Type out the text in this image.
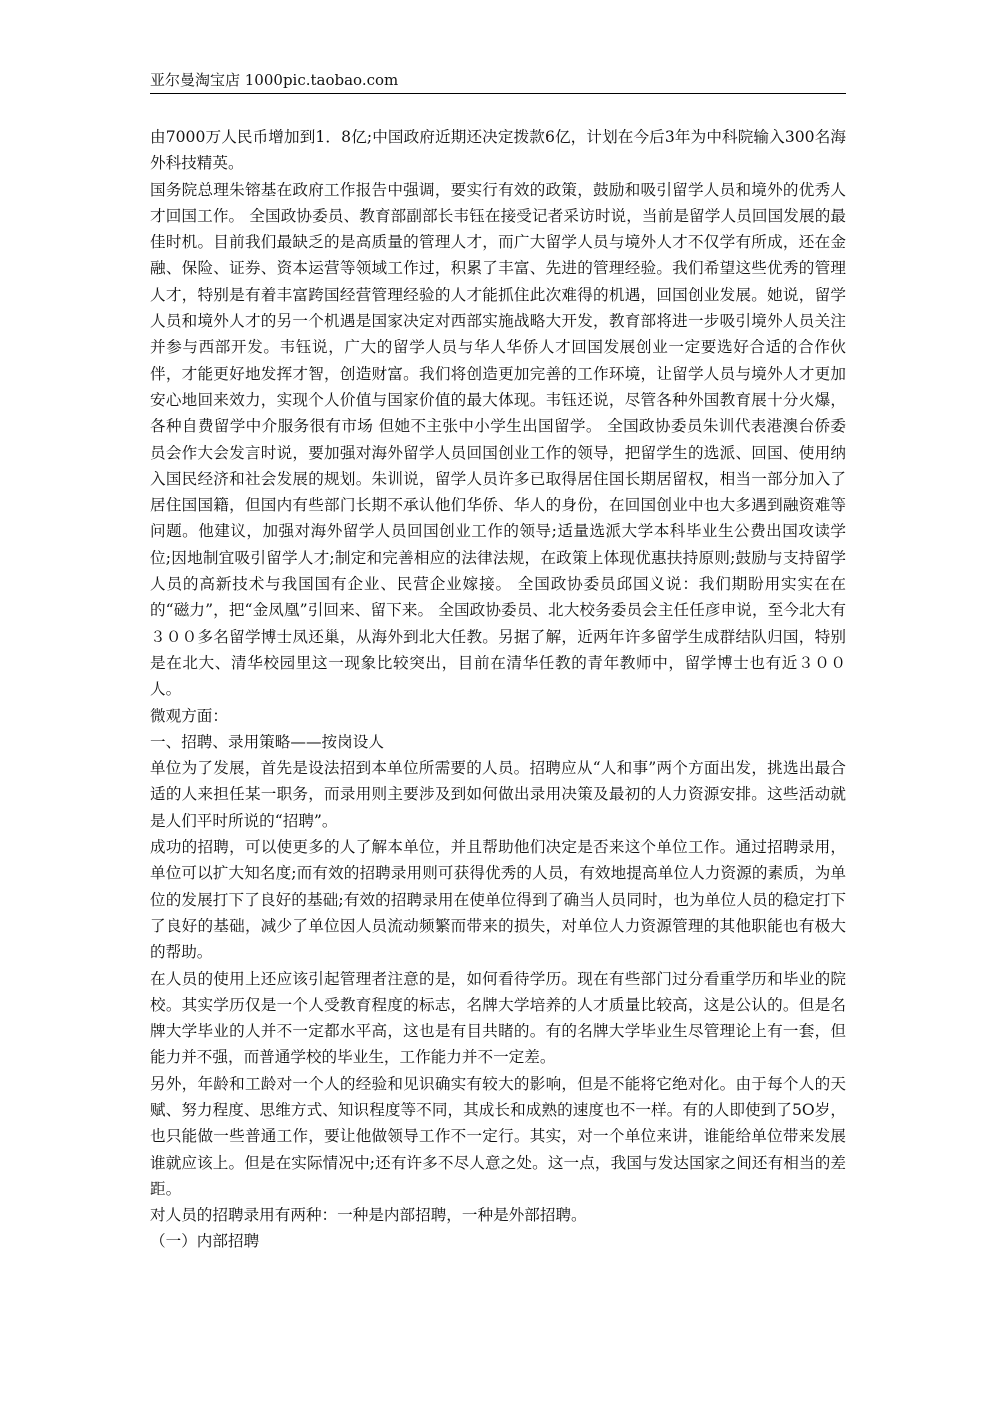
亚尔曼淘宝店 1000pic.taobao.com

由7000万人民币增加到1．8亿;中国政府近期还决定拨款6亿，计划在今后3年为中科院输入300名海外科技精英。

国务院总理朱镕基在政府工作报告中强调，要实行有效的政策，鼓励和吸引留学人员和境外的优秀人才回国工作。 全国政协委员、教育部副部长韦钰在接受记者采访时说，当前是留学人员回国发展的最佳时机。目前我们最缺乏的是高质量的管理人才，而广大留学人员与境外人才不仅学有所成，还在金融、保险、证券、资本运营等领域工作过，积累了丰富、先进的管理经验。我们希望这些优秀的管理人才，特别是有着丰富跨国经营管理经验的人才能抓住此次难得的机遇，回国创业发展。她说，留学人员和境外人才的另一个机遇是国家决定对西部实施战略大开发，教育部将进一步吸引境外人员关注并参与西部开发。韦钰说，广大的留学人员与华人华侨人才回国发展创业一定要选好合适的合作伙伴，才能更好地发挥才智，创造财富。我们将创造更加完善的工作环境，让留学人员与境外人才更加安心地回来效力，实现个人价值与国家价值的最大体现。韦钰还说，尽管各种外国教育展十分火爆，各种自费留学中介服务很有市场 但她不主张中小学生出国留学。 全国政协委员朱训代表港澳台侨委员会作大会发言时说，要加强对海外留学人员回国创业工作的领导，把留学生的选派、回国、使用纳入国民经济和社会发展的规划。朱训说，留学人员许多已取得居住国长期居留权，相当一部分加入了居住国国籍，但国内有些部门长期不承认他们华侨、华人的身份，在回国创业中也大多遇到融资难等问题。他建议，加强对海外留学人员回国创业工作的领导;适量选派大学本科毕业生公费出国攻读学位;因地制宜吸引留学人才;制定和完善相应的法律法规，在政策上体现优惠扶持原则;鼓励与支持留学人员的高新技术与我国国有企业、民营企业嫁接。 全国政协委员邱国义说：我们期盼用实实在在的“磁力”，把“金凤凰”引回来、留下来。 全国政协委员、北大校务委员会主任任彦申说，至今北大有３００多名留学博士凤还巢，从海外到北大任教。另据了解，近两年许多留学生成群结队归国，特别是在北大、清华校园里这一现象比较突出，目前在清华任教的青年教师中，留学博士也有近３００人。

微观方面：

一、招聘、录用策略——按岗设人

单位为了发展，首先是设法招到本单位所需要的人员。招聘应从“人和事”两个方面出发，挑选出最合适的人来担任某一职务，而录用则主要涉及到如何做出录用决策及最初的人力资源安排。这些活动就是人们平时所说的“招聘”。

成功的招聘，可以使更多的人了解本单位，并且帮助他们决定是否来这个单位工作。通过招聘录用，单位可以扩大知名度;而有效的招聘录用则可获得优秀的人员，有效地提高单位人力资源的素质，为单位的发展打下了良好的基础;有效的招聘录用在使单位得到了确当人员同时，也为单位人员的稳定打下了良好的基础，减少了单位因人员流动频繁而带来的损失，对单位人力资源管理的其他职能也有极大的帮助。

在人员的使用上还应该引起管理者注意的是，如何看待学历。现在有些部门过分看重学历和毕业的院校。其实学历仅是一个人受教育程度的标志，名牌大学培养的人才质量比较高，这是公认的。但是名牌大学毕业的人并不一定都水平高，这也是有目共睹的。有的名牌大学毕业生尽管理论上有一套，但能力并不强，而普通学校的毕业生，工作能力并不一定差。

另外，年龄和工龄对一个人的经验和见识确实有较大的影响，但是不能将它绝对化。由于每个人的天赋、努力程度、思维方式、知识程度等不同，其成长和成熟的速度也不一样。有的人即使到了5O岁，也只能做一些普通工作，要让他做领导工作不一定行。其实，对一个单位来讲，谁能给单位带来发展谁就应该上。但是在实际情况中;还有许多不尽人意之处。这一点，我国与发达国家之间还有相当的差距。

对人员的招聘录用有两种：一种是内部招聘，一种是外部招聘。

（一）内部招聘
